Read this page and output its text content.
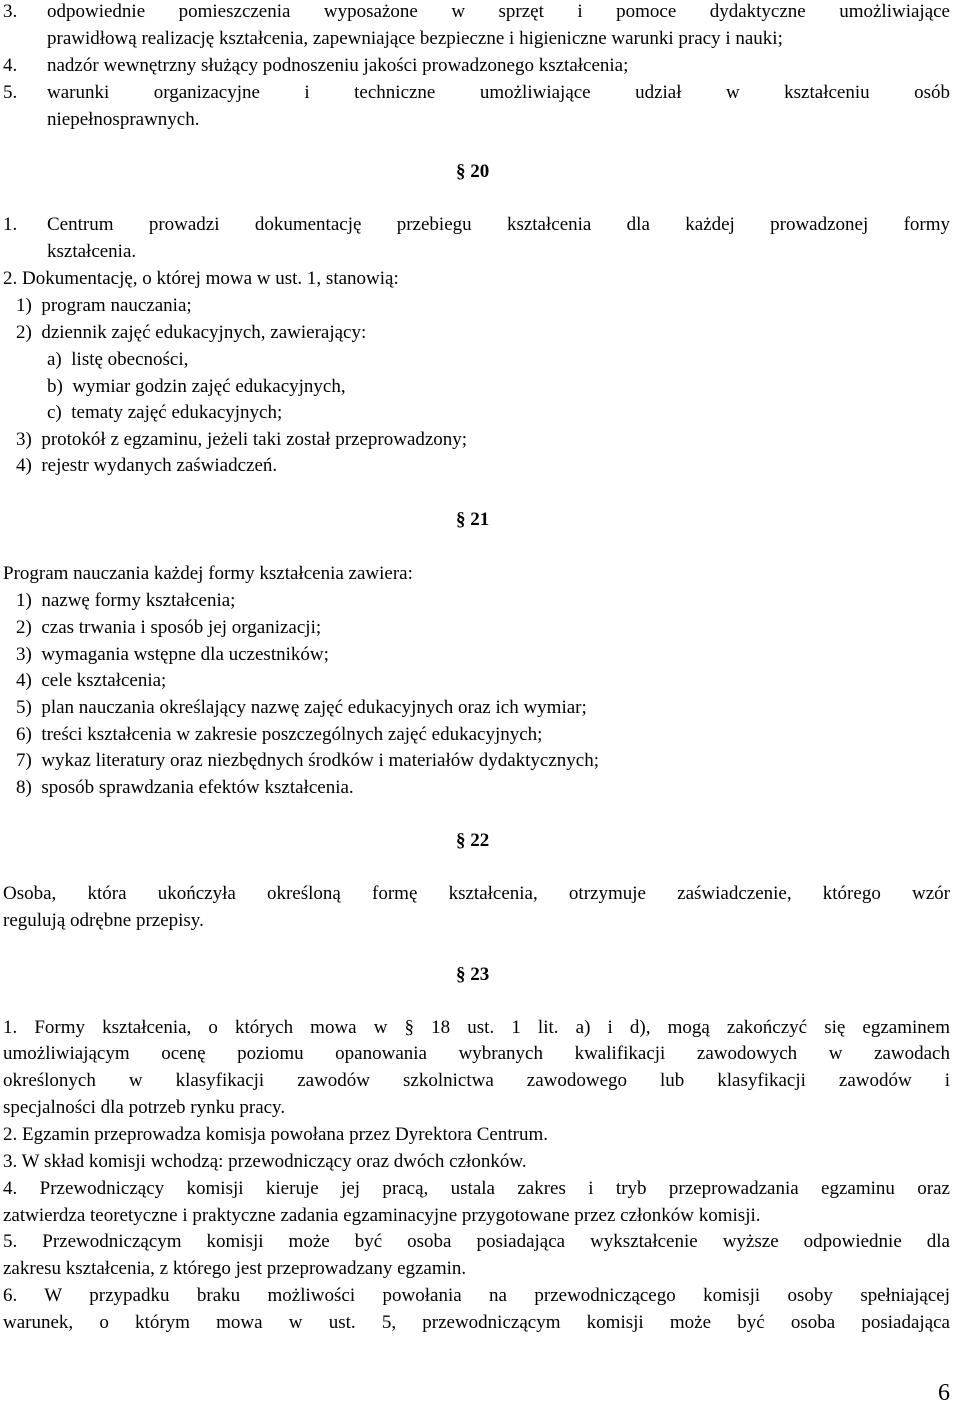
3. odpowiednie pomieszczenia wyposażone w sprzęt i pomoce dydaktyczne umożliwiające
prawidłową realizację kształcenia, zapewniające bezpieczne i higieniczne warunki pracy i nauki;
4. nadzór wewnętrzny służący podnoszeniu jakości prowadzonego kształcenia;
5. warunki organizacyjne i techniczne umożliwiające udział w kształceniu osób
niepełnosprawnych.
§ 20
1. Centrum prowadzi dokumentację przebiegu kształcenia dla każdej prowadzonej formy
kształcenia.
2. Dokumentację, o której mowa w ust. 1, stanowią:
1)  program nauczania;
2)  dziennik zajęć edukacyjnych, zawierający:
a)  listę obecności,
b)  wymiar godzin zajęć edukacyjnych,
c)  tematy zajęć edukacyjnych;
3)  protokół z egzaminu, jeżeli taki został przeprowadzony;
4)  rejestr wydanych zaświadczeń.
§ 21
Program nauczania każdej formy kształcenia zawiera:
1)  nazwę formy kształcenia;
2)  czas trwania i sposób jej organizacji;
3)  wymagania wstępne dla uczestników;
4)  cele kształcenia;
5)  plan nauczania określający nazwę zajęć edukacyjnych oraz ich wymiar;
6)  treści kształcenia w zakresie poszczególnych zajęć edukacyjnych;
7)  wykaz literatury oraz niezbędnych środków i materiałów dydaktycznych;
8)  sposób sprawdzania efektów kształcenia.
§ 22
Osoba, która ukończyła określoną formę kształcenia, otrzymuje zaświadczenie, którego wzór
regulują odrębne przepisy.
§ 23
1. Formy kształcenia, o których mowa w § 18 ust. 1 lit. a) i d), mogą zakończyć się egzaminem
umożliwiającym ocenę poziomu opanowania wybranych kwalifikacji zawodowych w zawodach
określonych w klasyfikacji zawodów szkolnictwa zawodowego lub klasyfikacji zawodów i
specjalności dla potrzeb rynku pracy.
2. Egzamin przeprowadza komisja powołana przez Dyrektora Centrum.
3. W skład komisji wchodzą: przewodniczący oraz dwóch członków.
4. Przewodniczący komisji kieruje jej pracą, ustala zakres i tryb przeprowadzania egzaminu oraz
zatwierdza teoretyczne i praktyczne zadania egzaminacyjne przygotowane przez członków komisji.
5. Przewodniczącym komisji może być osoba posiadająca wykształcenie wyższe odpowiednie dla
zakresu kształcenia, z którego jest przeprowadzany egzamin.
6. W przypadku braku możliwości powołania na przewodniczącego komisji osoby spełniającej
warunek, o którym mowa w ust. 5, przewodniczącym komisji może być osoba posiadająca
6
